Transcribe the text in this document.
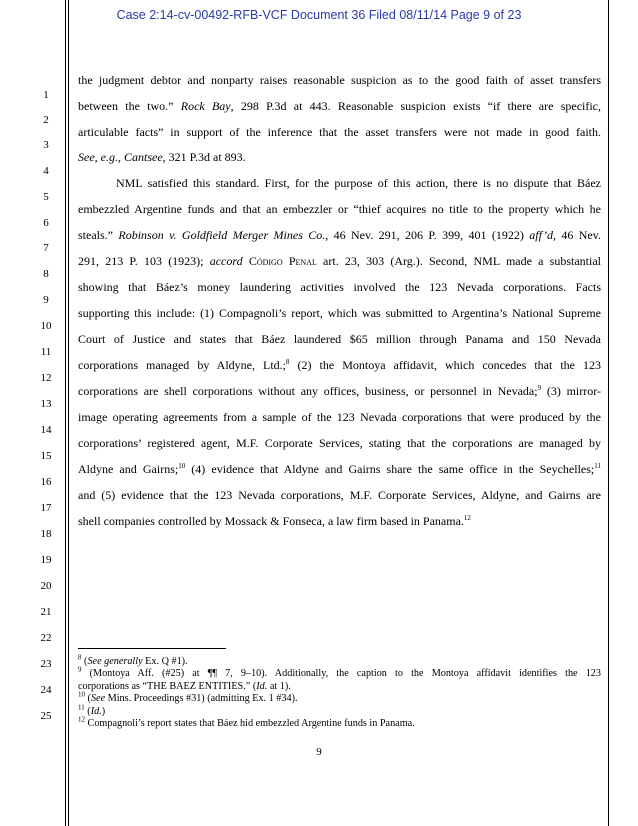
Case 2:14-cv-00492-RFB-VCF Document 36 Filed 08/11/14 Page 9 of 23
1
2
3
4
5
6
7
8
9
10
11
12
13
14
15
16
17
18
19
20
21
22
23
24
25
the judgment debtor and nonparty raises reasonable suspicion as to the good faith of asset transfers
between the two.” Rock Bay, 298 P.3d at 443. Reasonable suspicion exists “if there are specific,
articulable facts” in support of the inference that the asset transfers were not made in good faith.
See, e.g., Cantsee, 321 P.3d at 893.
NML satisfied this standard. First, for the purpose of this action, there is no dispute that Báez
embezzled Argentine funds and that an embezzler or “thief acquires no title to the property which he
steals.” Robinson v. Goldfield Merger Mines Co., 46 Nev. 291, 206 P. 399, 401 (1922) aff’d, 46 Nev.
291, 213 P. 103 (1923); accord Código Penal art. 23, 303 (Arg.). Second, NML made a substantial
showing that Báez’s money laundering activities involved the 123 Nevada corporations. Facts
supporting this include: (1) Compagnoli’s report, which was submitted to Argentina’s National Supreme
Court of Justice and states that Báez laundered $65 million through Panama and 150 Nevada
corporations managed by Aldyne, Ltd.;$^8$ (2) the Montoya affidavit, which concedes that the 123
corporations are shell corporations without any offices, business, or personnel in Nevada;$^9$ (3) mirror-
image operating agreements from a sample of the 123 Nevada corporations that were produced by the
corporations’ registered agent, M.F. Corporate Services, stating that the corporations are managed by
Aldyne and Gairns;$^{10}$ (4) evidence that Aldyne and Gairns share the same office in the Seychelles;$^{11}$
and (5) evidence that the 123 Nevada corporations, M.F. Corporate Services, Aldyne, and Gairns are
shell companies controlled by Mossack & Fonseca, a law firm based in Panama.$^{12}$
$^8$ (See generally Ex. Q #1).
$^9$ (Montoya Aff. (#25) at ¶¶ 7, 9–10). Additionally, the caption to the Montoya affidavit identifies the 123
corporations as “THE BAEZ ENTITIES.” (Id. at 1).
$^{10}$ (See Mins. Proceedings #31) (admitting Ex. 1 #34).
$^{11}$ (Id.)
$^{12}$ Compagnoli’s report states that Báez hid embezzled Argentine funds in Panama.
9
